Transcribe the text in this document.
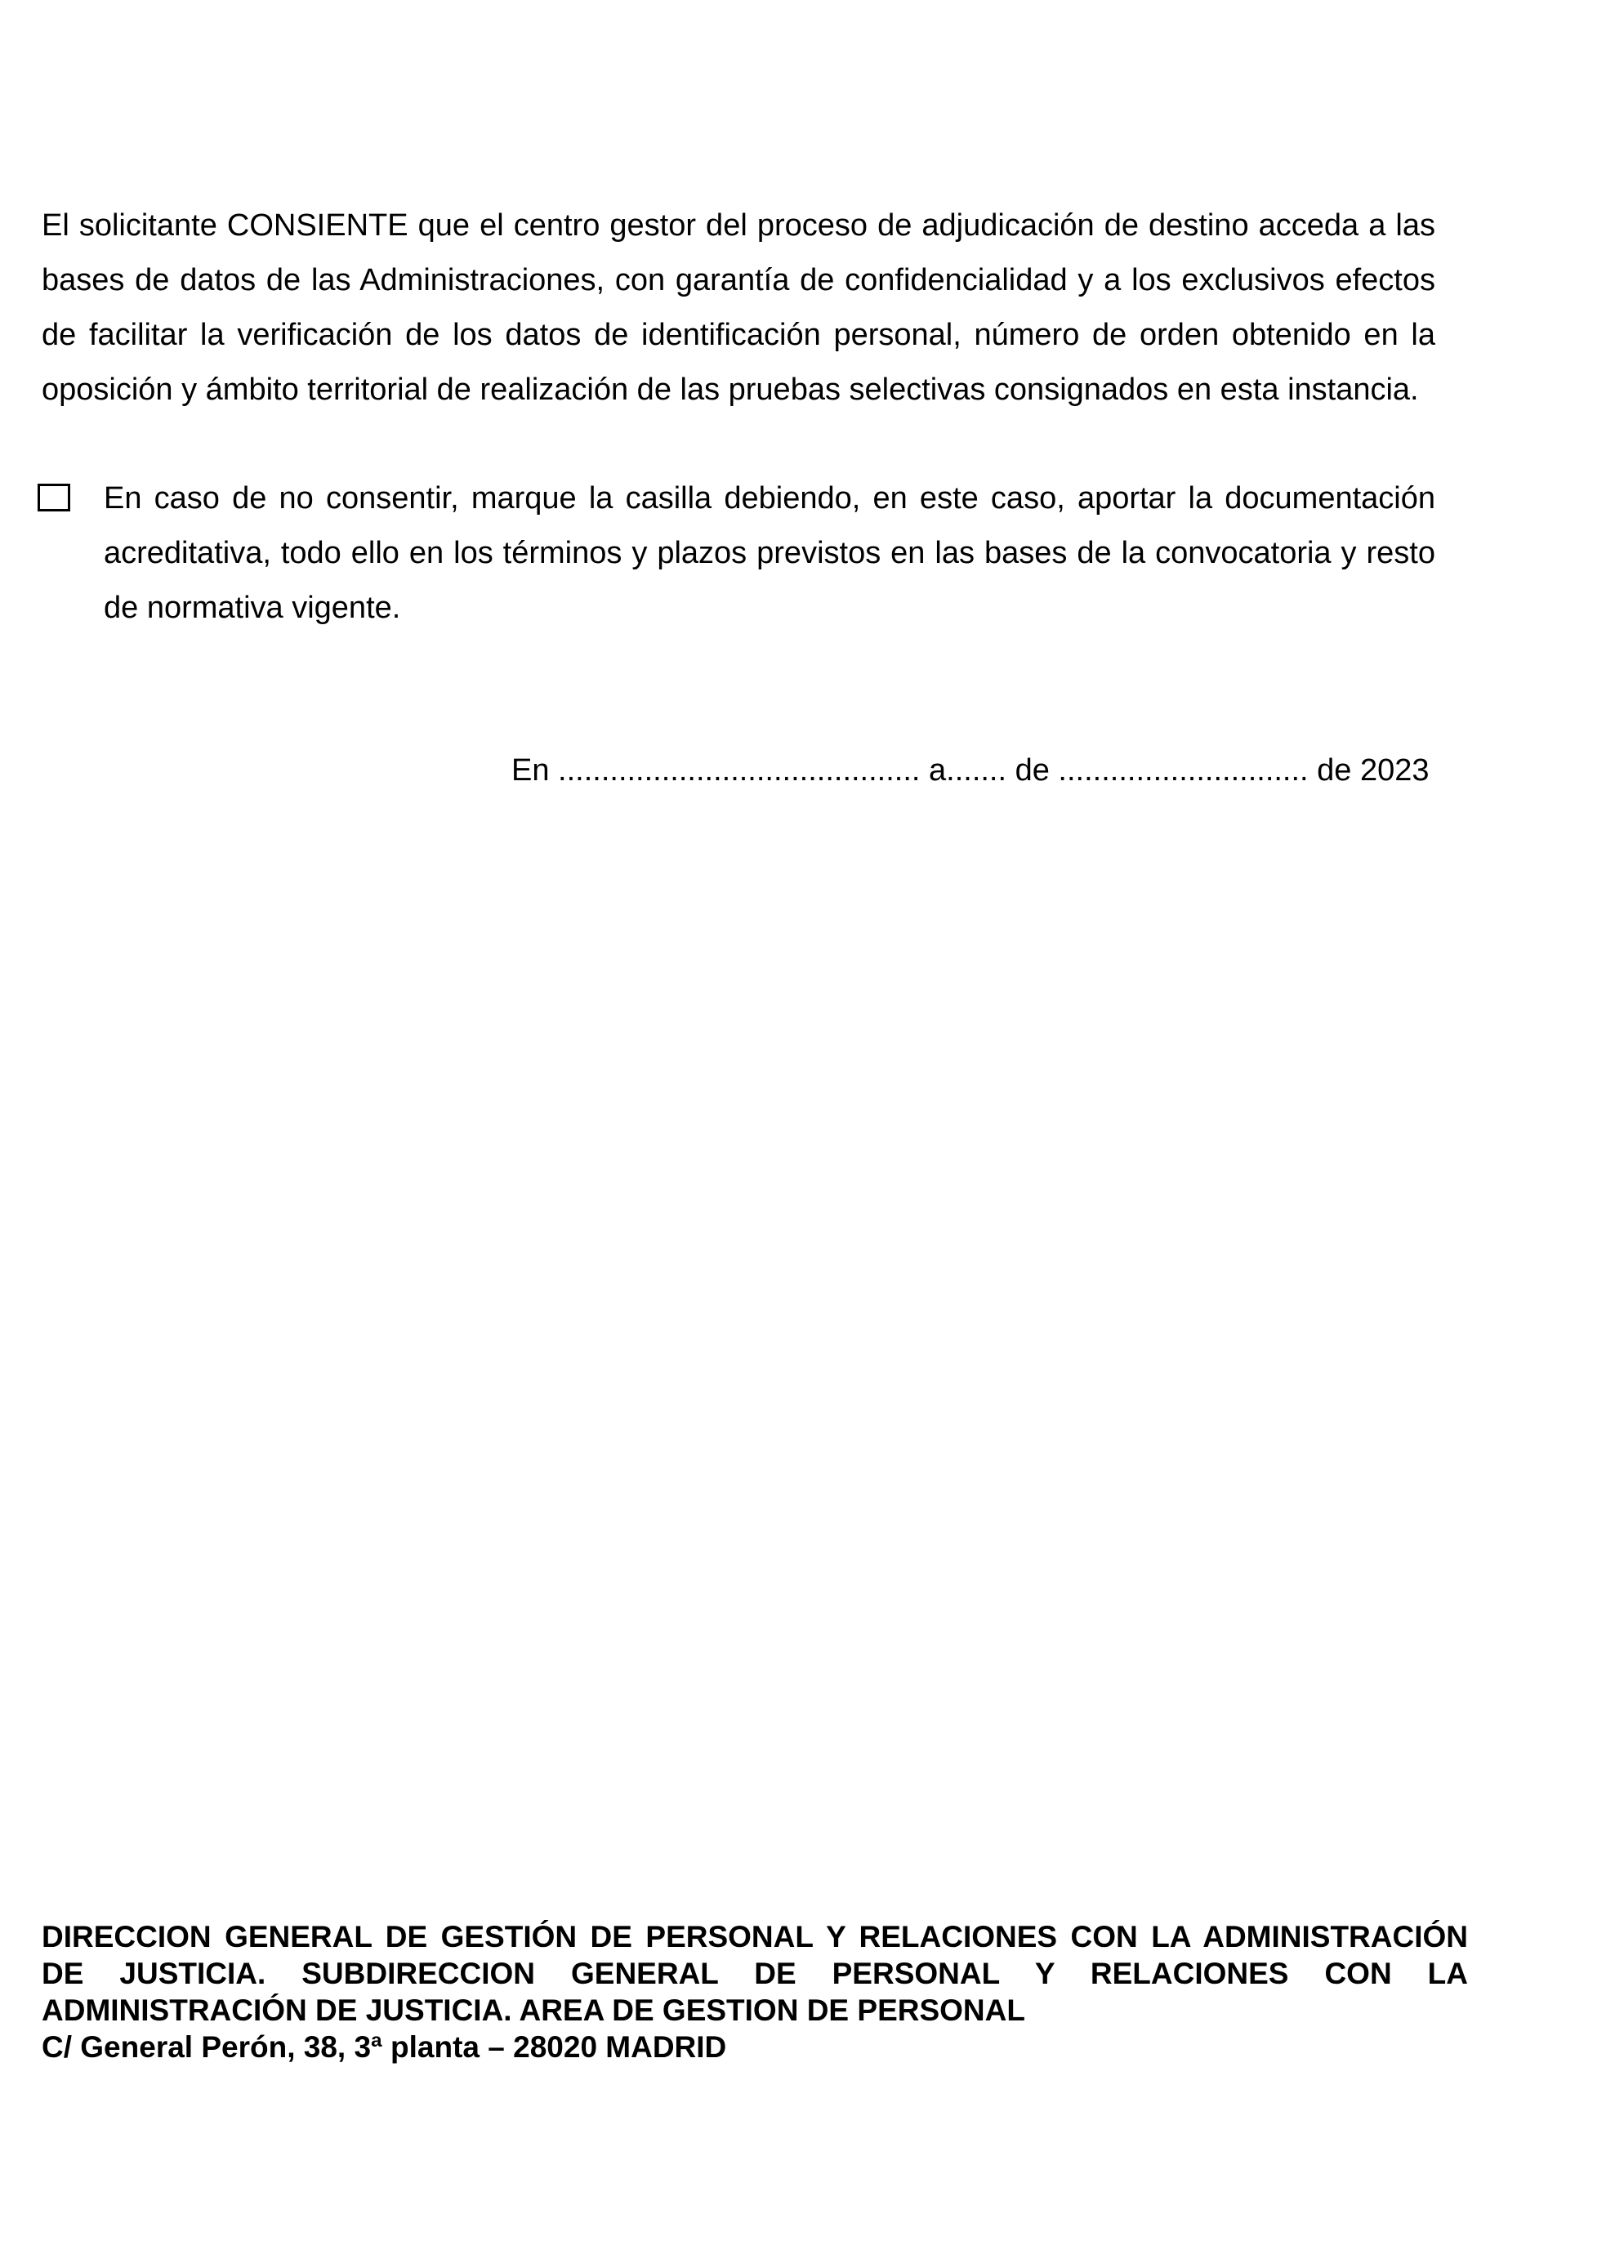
El solicitante CONSIENTE que el centro gestor del proceso de adjudicación de destino acceda a las bases de datos de las Administraciones, con garantía de confidencialidad y a los exclusivos efectos de facilitar la verificación de los datos de identificación personal, número de orden obtenido en la oposición y ámbito territorial de realización de las pruebas selectivas consignados en esta instancia.

En caso de no consentir, marque la casilla debiendo, en este caso, aportar la documentación acreditativa, todo ello en los términos y plazos previstos en las bases de la convocatoria y resto de normativa vigente.

En .......................................... a....... de ............................. de 2023

DIRECCION GENERAL DE GESTIÓN DE PERSONAL Y RELACIONES CON LA ADMINISTRACIÓN
DE JUSTICIA. SUBDIRECCION GENERAL DE PERSONAL Y RELACIONES CON LA
ADMINISTRACIÓN DE JUSTICIA. AREA DE GESTION DE PERSONAL
C/ General Perón, 38, 3ª planta – 28020 MADRID
